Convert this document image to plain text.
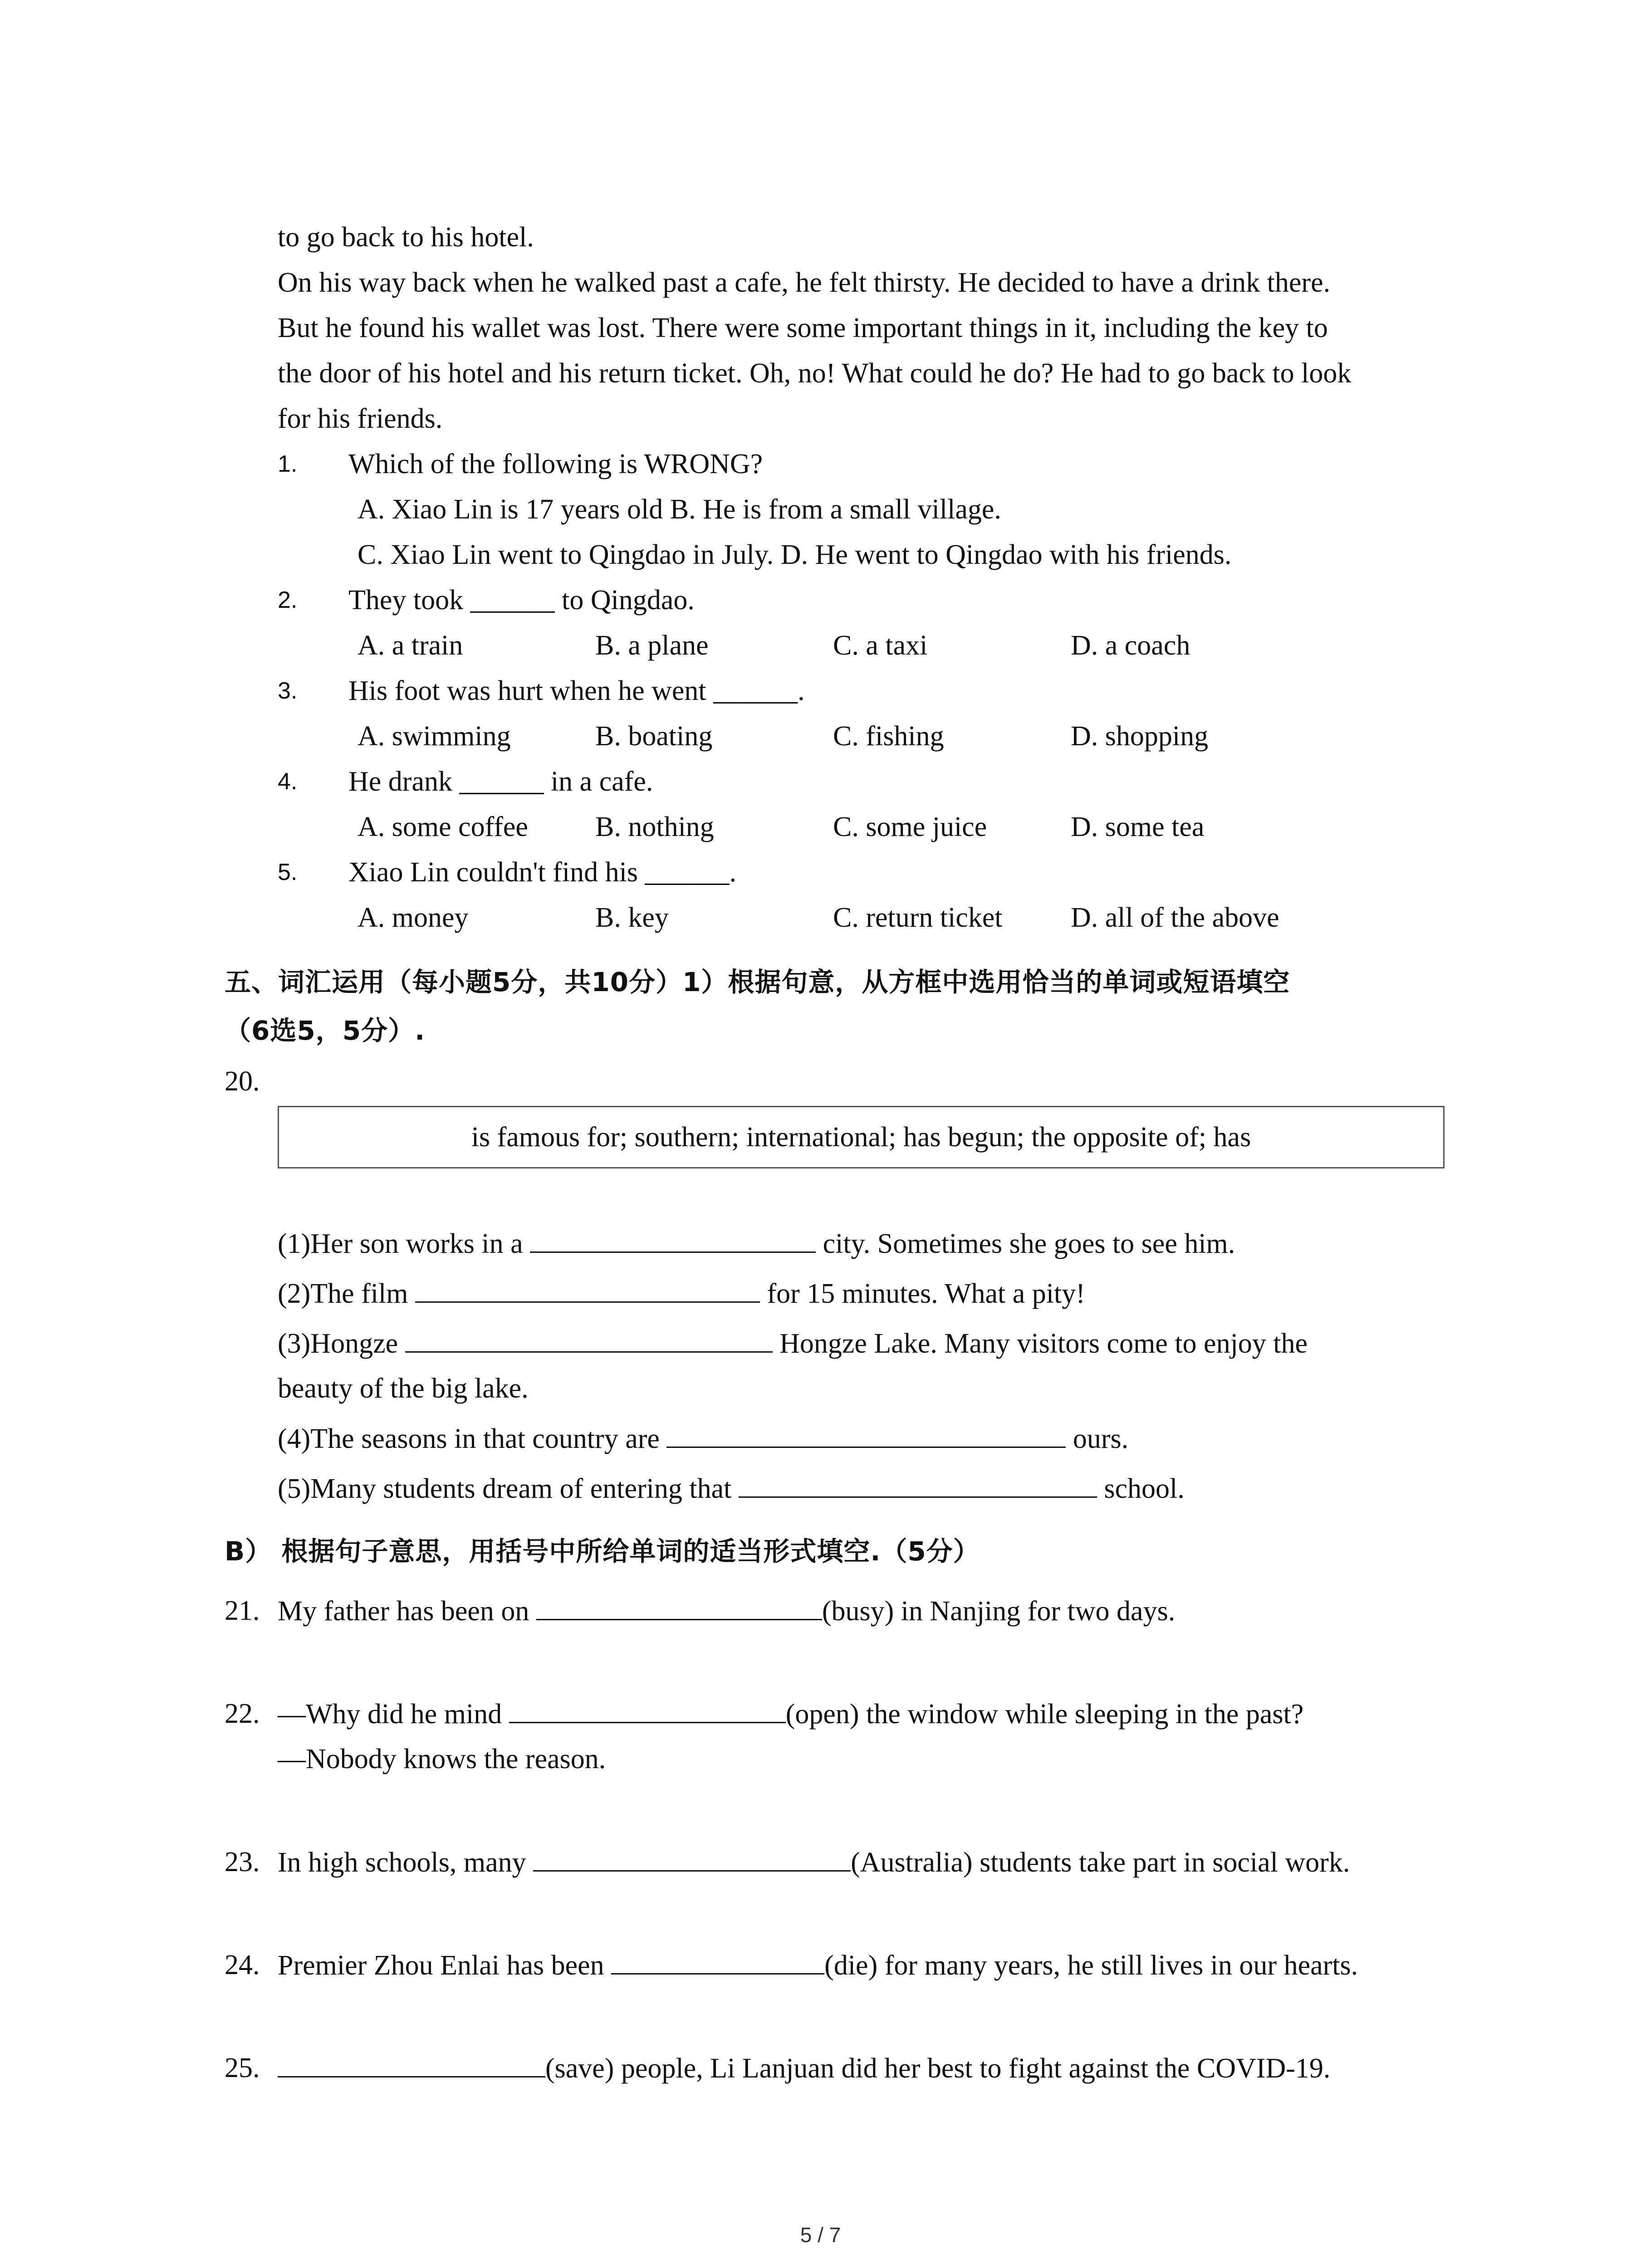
to go back to his hotel.
On his way back when he walked past a cafe, he felt thirsty. He decided to have a drink there.
But he found his wallet was lost. There were some important things in it, including the key to
the door of his hotel and his return ticket. Oh, no! What could he do? He had to go back to look
for his friends.
1. Which of the following is WRONG?
A. Xiao Lin is 17 years old B. He is from a small village.
C. Xiao Lin went to Qingdao in July. D. He went to Qingdao with his friends.
2. They took ______ to Qingdao.
A. a train	B. a plane	C. a taxi	D. a coach
3. His foot was hurt when he went ______.
A. swimming	B. boating	C. fishing	D. shopping
4. He drank ______ in a cafe.
A. some coffee B. nothing	C. some juice	D. some tea
5. Xiao Lin couldn't find his ______.
A. money	B. key	C. return ticket D. all of the above
五、词汇运用（每小题5分，共10分）1）根据句意，从方框中选用恰当的单词或短语填空
（6选5，5分）.
20.
is famous for; southern; international; has begun; the opposite of; has
(1)Her son works in a	city. Sometimes she goes to see him.
(2)The film	for 15 minutes. What a pity!
(3)Hongze	Hongze Lake. Many visitors come to enjoy the
beauty of the big lake.
(4)The seasons in that country are	ours.
(5)Many students dream of entering that	school.
B） 根据句子意思，用括号中所给单词的适当形式填空.（5分）
21. My father has been on	(busy) in Nanjing for two days.
22. —Why did he mind	(open) the window while sleeping in the past?
—Nobody knows the reason.
23. In high schools, many	(Australia) students take part in social work.
24. Premier Zhou Enlai has been	(die) for many years, he still lives in our hearts.
25.	(save) people, Li Lanjuan did her best to fight against the COVID-19.
5 / 7
